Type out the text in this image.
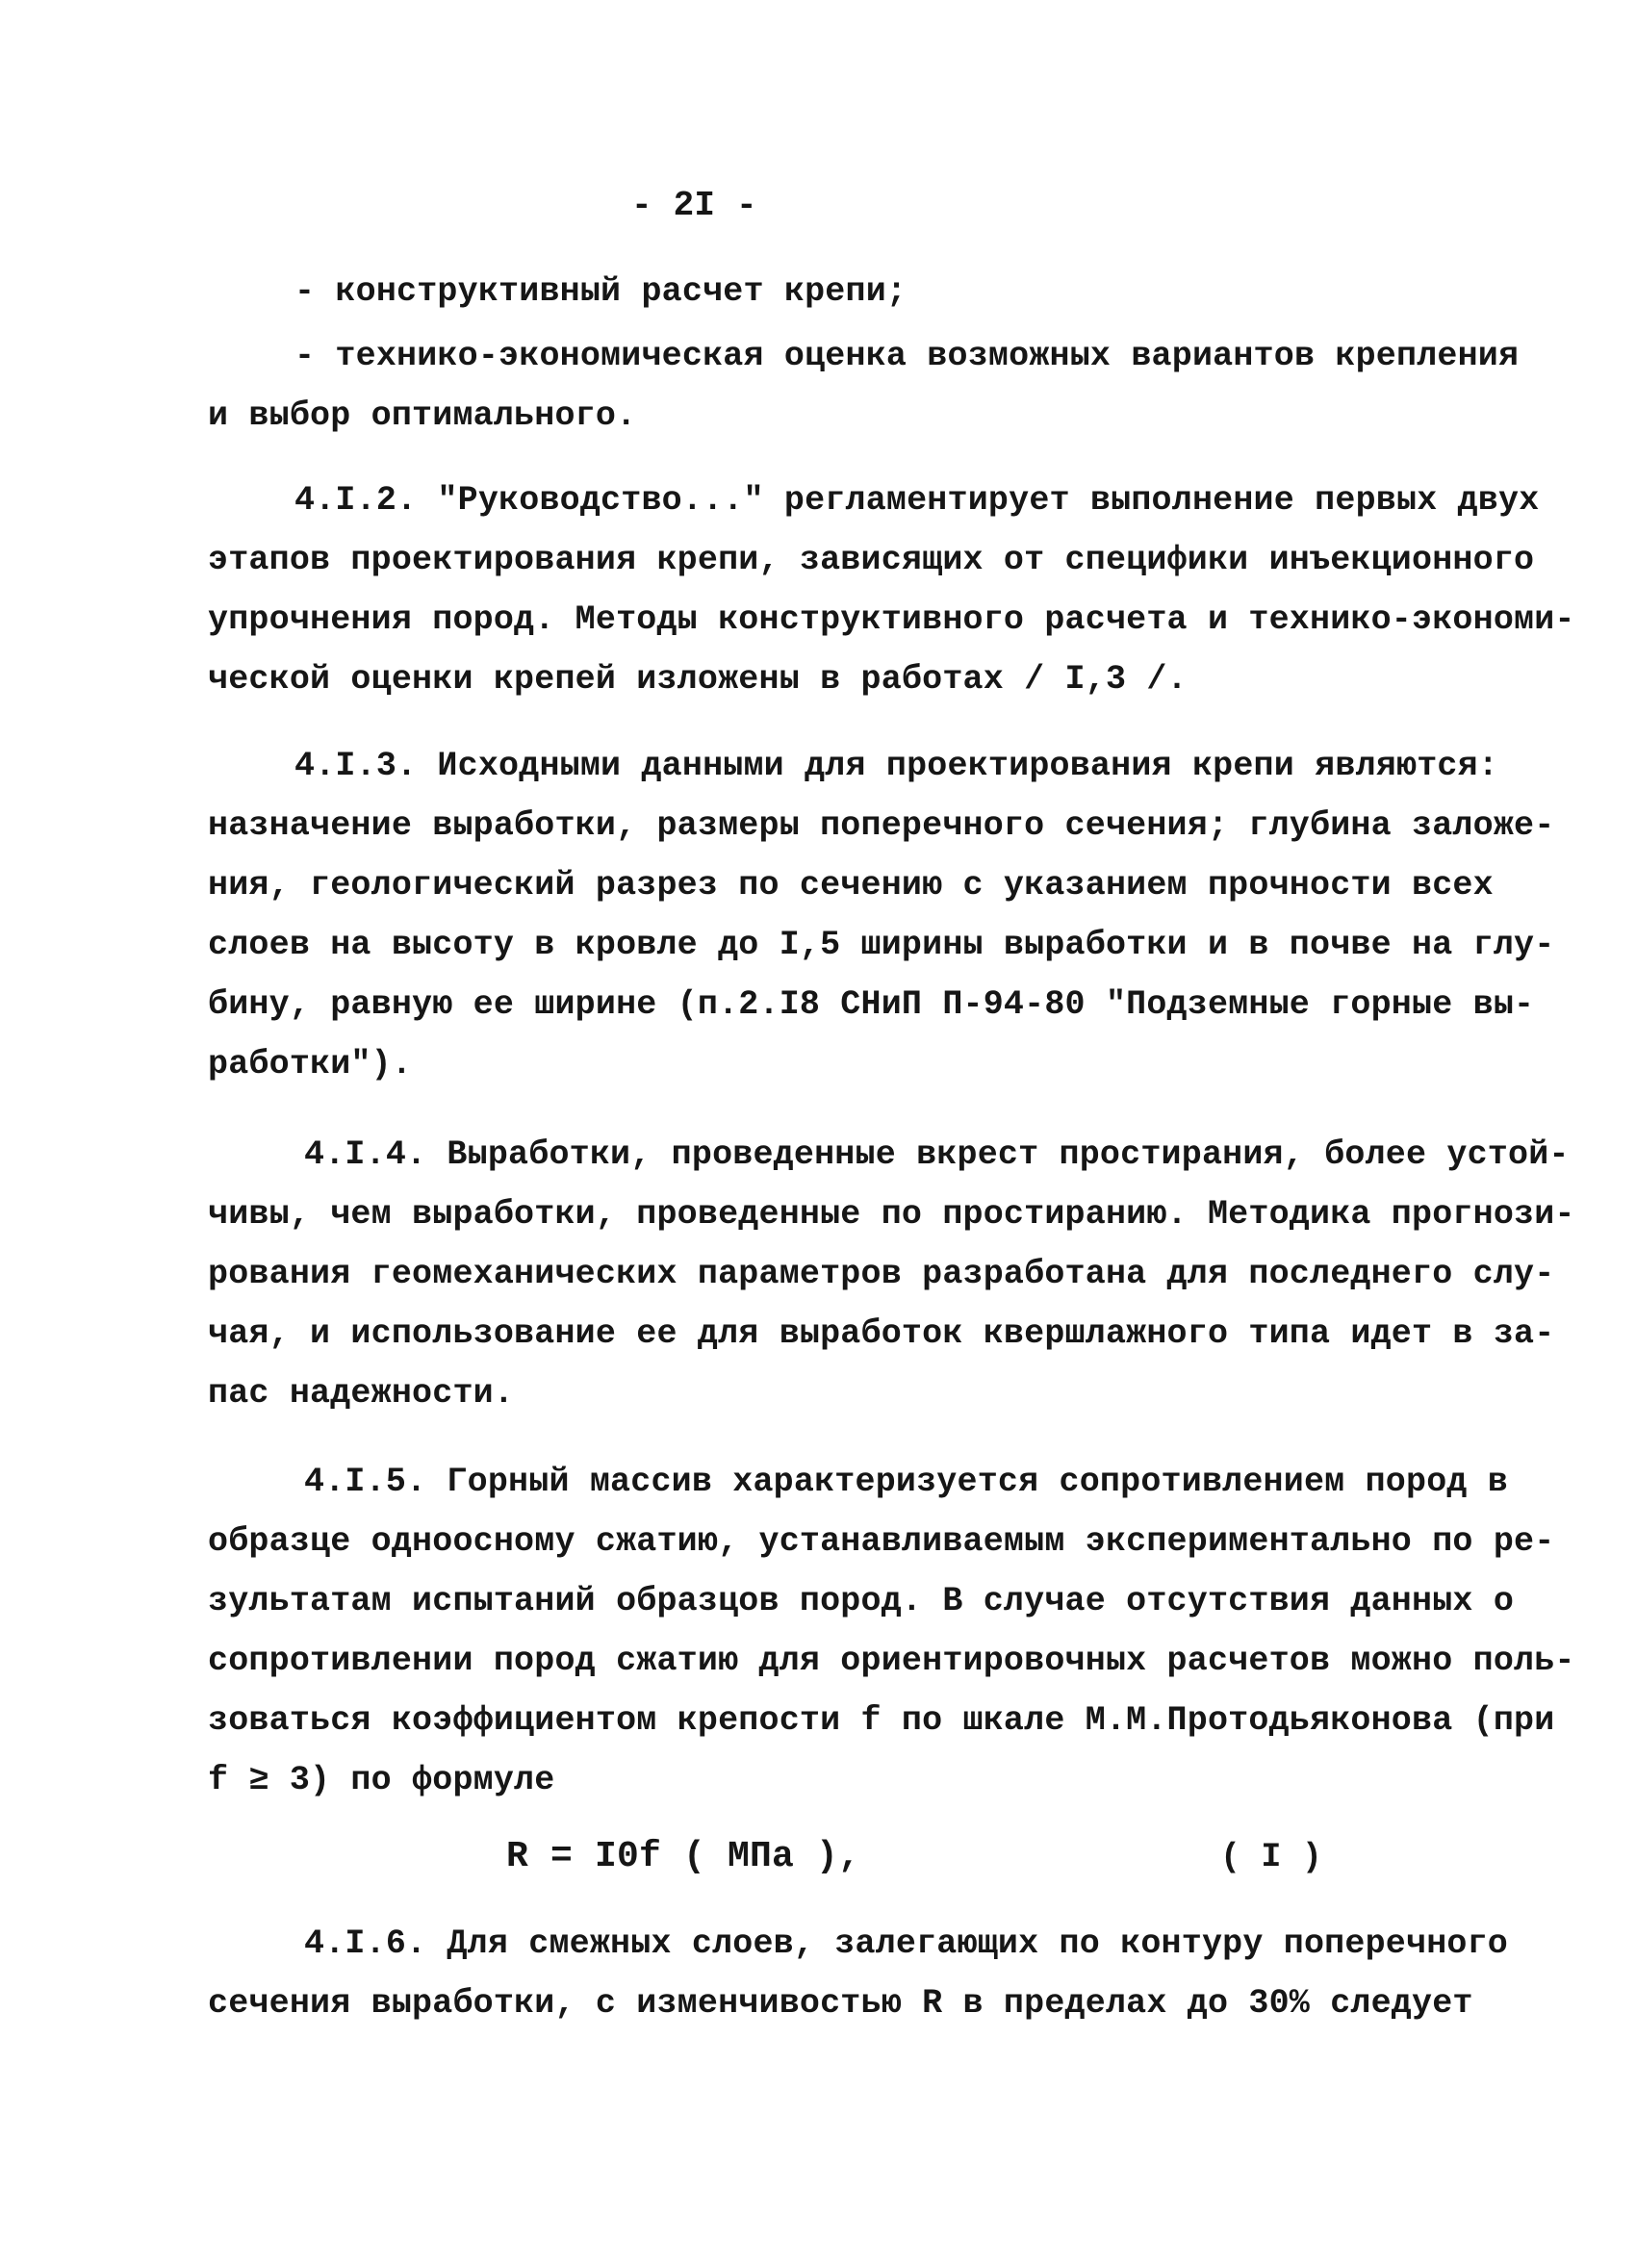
- 2I -
- конструктивный расчет крепи;
- технико-экономическая оценка возможных вариантов крепления
и выбор оптимального.
4.I.2. "Руководство..." регламентирует выполнение первых двух
этапов проектирования крепи, зависящих от специфики инъекционного
упрочнения пород. Методы конструктивного расчета и технико-экономи-
ческой оценки крепей изложены в работах / I,3 /.
4.I.3. Исходными данными для проектирования крепи являются:
назначение выработки, размеры поперечного сечения; глубина заложе-
ния, геологический разрез по сечению с указанием прочности всех
слоев на высоту в кровле до I,5 ширины выработки и в почве на глу-
бину, равную ее ширине (п.2.I8 СНиП П-94-80 "Подземные горные вы-
работки").
4.I.4. Выработки, проведенные вкрест простирания, более устой-
чивы, чем выработки, проведенные по простиранию. Методика прогнози-
рования геомеханических параметров разработана для последнего слу-
чая, и использование ее для выработок квершлажного типа идет в за-
пас надежности.
4.I.5. Горный массив характеризуется сопротивлением пород в
образце одноосному сжатию, устанавливаемым экспериментально по ре-
зультатам испытаний образцов пород. В случае отсутствия данных о
сопротивлении пород сжатию для ориентировочных расчетов можно поль-
зоваться коэффициентом крепости f по шкале М.М.Протодьяконова (при
f ≥ 3) по формуле
R = I0f ( МПа ),	( I )
4.I.6. Для смежных слоев, залегающих по контуру поперечного
сечения выработки, с изменчивостью R в пределах до 30% следует
